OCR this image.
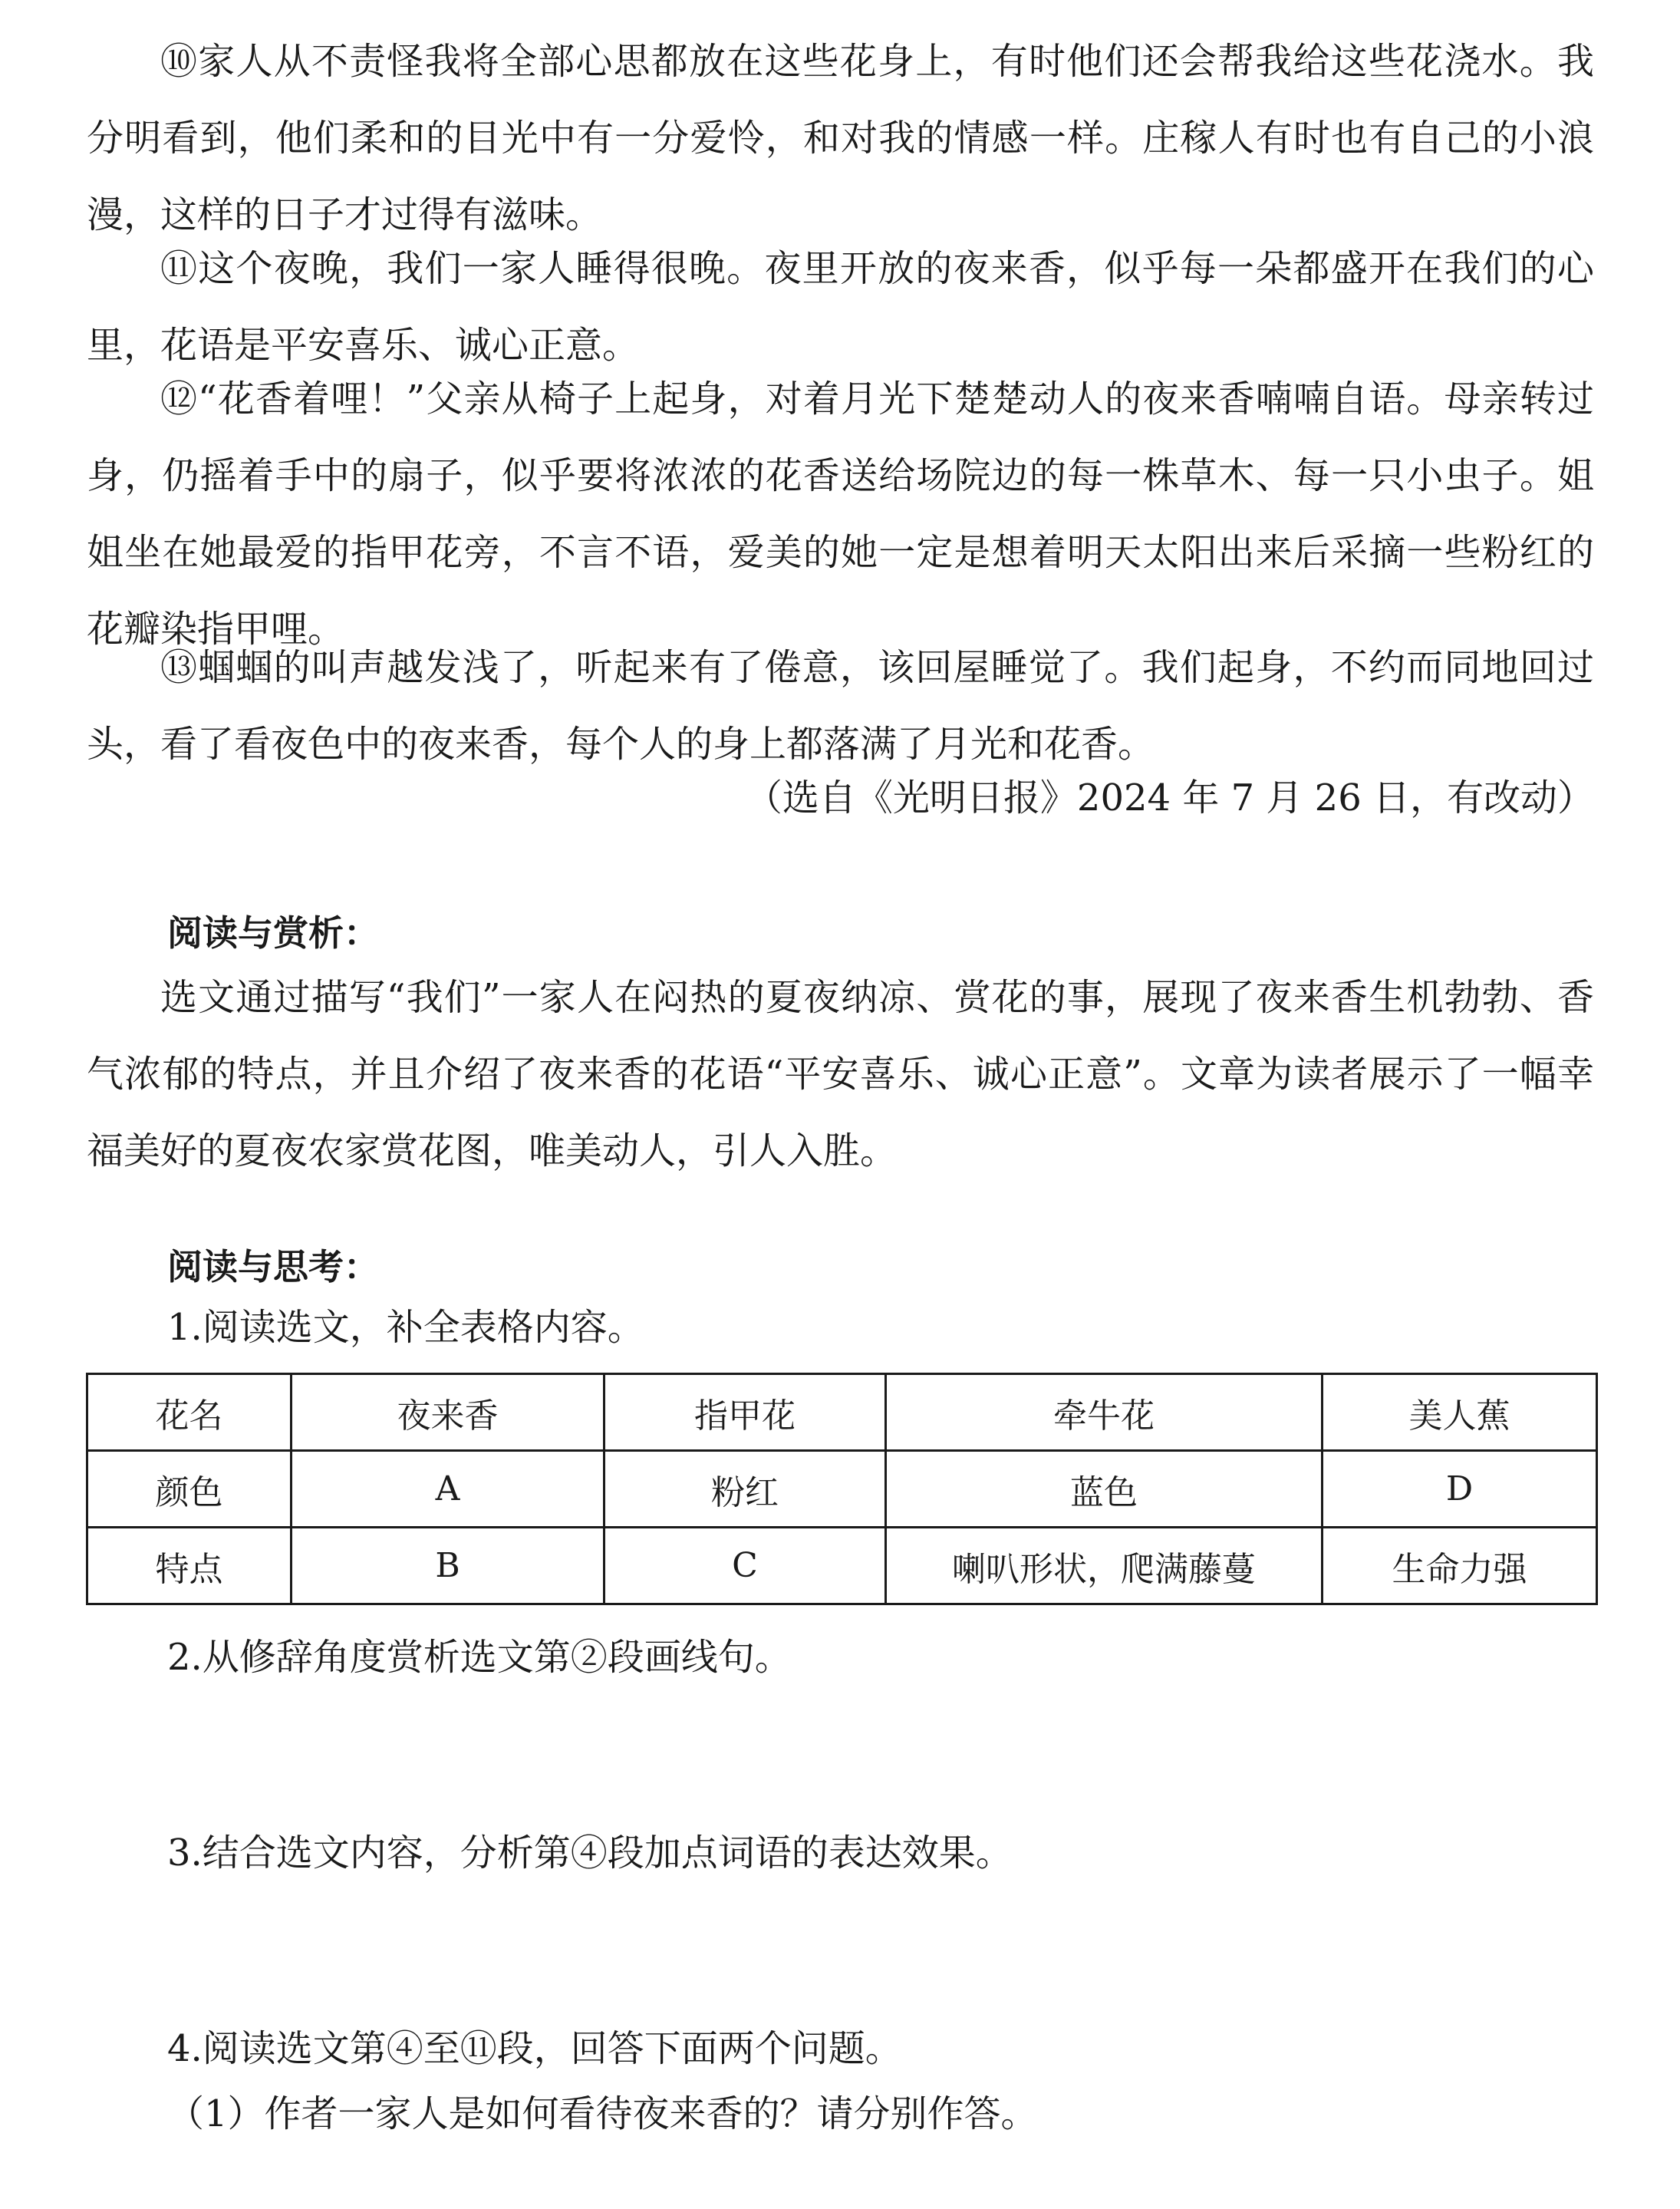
⑩家人从不责怪我将全部心思都放在这些花身上，有时他们还会帮我给这些花浇水。我分明看到，他们柔和的目光中有一分爱怜，和对我的情感一样。庄稼人有时也有自己的小浪漫，这样的日子才过得有滋味。

⑪这个夜晚，我们一家人睡得很晚。夜里开放的夜来香，似乎每一朵都盛开在我们的心里，花语是平安喜乐、诚心正意。

⑫“花香着哩！”父亲从椅子上起身，对着月光下楚楚动人的夜来香喃喃自语。母亲转过身，仍摇着手中的扇子，似乎要将浓浓的花香送给场院边的每一株草木、每一只小虫子。姐姐坐在她最爱的指甲花旁，不言不语，爱美的她一定是想着明天太阳出来后采摘一些粉红的花瓣染指甲哩。

⑬蝈蝈的叫声越发浅了，听起来有了倦意，该回屋睡觉了。我们起身，不约而同地回过头，看了看夜色中的夜来香，每个人的身上都落满了月光和花香。

（选自《光明日报》2024 年 7 月 26 日，有改动）

阅读与赏析：

选文通过描写“我们”一家人在闷热的夏夜纳凉、赏花的事，展现了夜来香生机勃勃、香气浓郁的特点，并且介绍了夜来香的花语“平安喜乐、诚心正意”。文章为读者展示了一幅幸福美好的夏夜农家赏花图，唯美动人，引人入胜。

阅读与思考：

1.阅读选文，补全表格内容。

花名	夜来香	指甲花	牵牛花	美人蕉
颜色	A	粉红	蓝色	D
特点	B	C	喇叭形状，爬满藤蔓	生命力强

2.从修辞角度赏析选文第②段画线句。

3.结合选文内容，分析第④段加点词语的表达效果。

4.阅读选文第④至⑪段，回答下面两个问题。

（1）作者一家人是如何看待夜来香的？请分别作答。
